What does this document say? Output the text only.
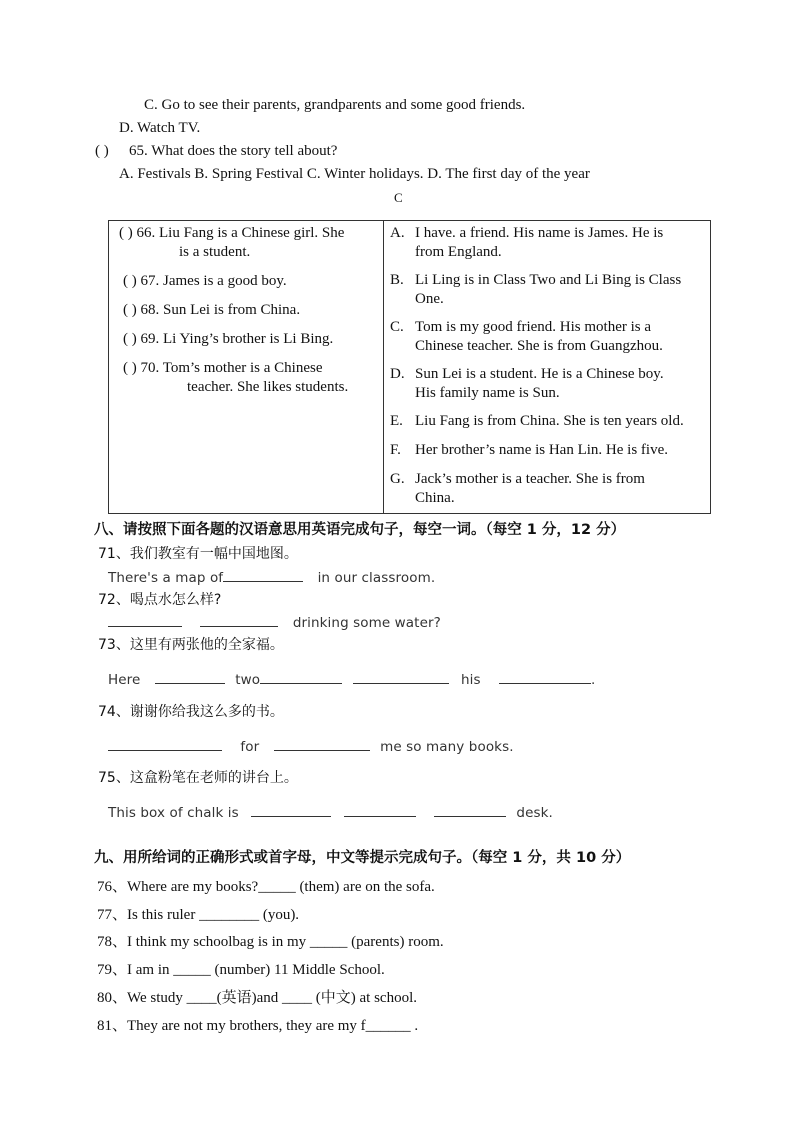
C. Go to see their parents, grandparents and some good friends.
D. Watch TV.
( ) 65. What does the story tell about?
A. Festivals B. Spring Festival C. Winter holidays. D. The first day of the year
C
( ) 66. Liu Fang is a Chinese girl. She
is a student.
( ) 67. James is a good boy.
( ) 68. Sun Lei is from China.
( ) 69. Li Ying’s brother is Li Bing.
( ) 70. Tom’s mother is a Chinese
teacher. She likes students.
A. I have. a friend. His name is James. He is
from England.
B. Li Ling is in Class Two and Li Bing is Class
One.
C. Tom is my good friend. His mother is a
Chinese teacher. She is from Guangzhou.
D. Sun Lei is a student. He is a Chinese boy.
His family name is Sun.
E. Liu Fang is from China. She is ten years old.
F. Her brother’s name is Han Lin. He is five.
G. Jack’s mother is a teacher. She is from
China.
八、请按照下面各题的汉语意思用英语完成句子，每空一词。（每空 1 分，12 分）
71、我们教室有一幅中国地图。
There's a map of	in our classroom.
72、喝点水怎么样?
drinking some water?
73、这里有两张他的全家福。
Here	two	his	.
74、谢谢你给我这么多的书。
for	me so many books.
75、这盒粉笔在老师的讲台上。
This box of chalk is	desk.
九、用所给词的正确形式或首字母，中文等提示完成句子。（每空 1 分，共 10 分）
76、Where are my books?_____ (them) are on the sofa.
77、Is this ruler ________ (you).
78、I think my schoolbag is in my _____ (parents) room.
79、I am in _____ (number) 11 Middle School.
80、We study ____(英语)and ____ (中文) at school.
81、They are not my brothers, they are my f______ .
